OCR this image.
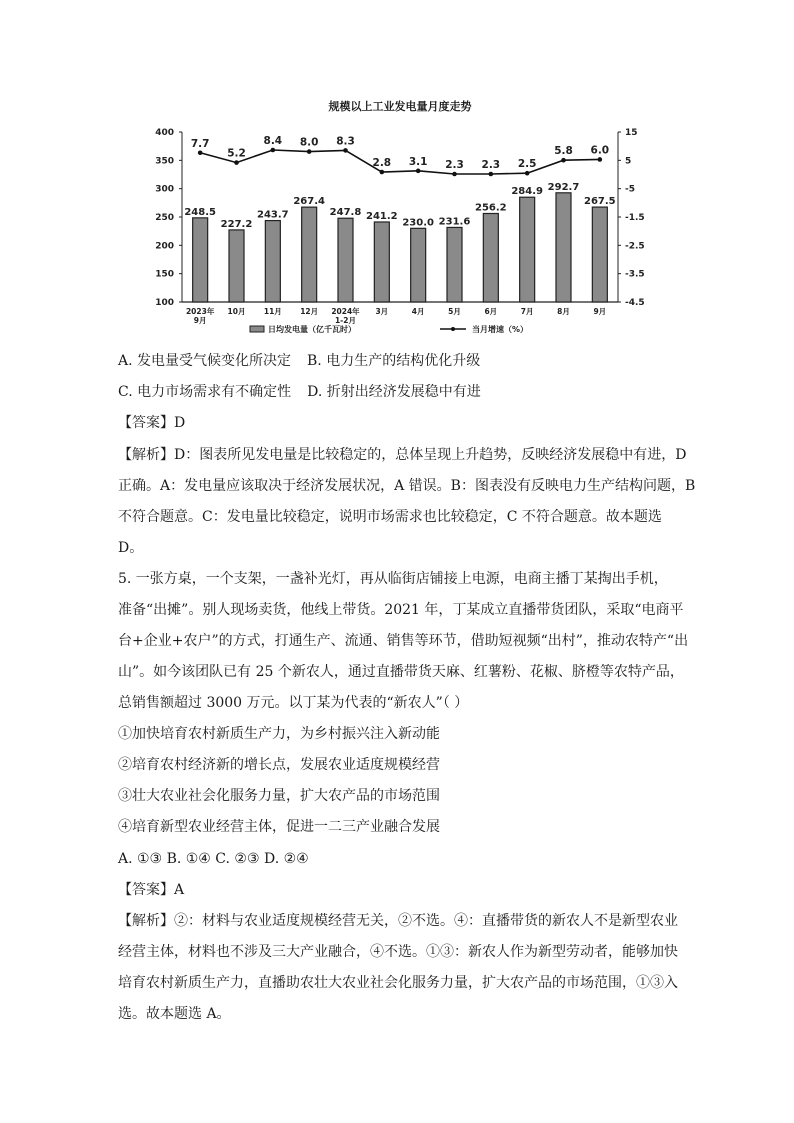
规模以上工业发电量月度走势
400
350
300
250
200
150
100
15
5
-5
-1.5
-2.5
-3.5
-4.5
248.5
227.2
243.7
267.4
247.8 241.2
230.0 231.6
256.2
284.9 292.7
267.5
7.7
5.2
8.4 8.0 8.3
2.8 3.1 2.3 2.3 2.5
5.8 6.0
2023年
9月
10月 11月 12月 2024年
1-2月
3月	4月	5月	6月	7月	8月	9月
日均发电量（亿千瓦时）	当月增速（%）
A. 发电量受气候变化所决定 B. 电力生产的结构优化升级
C. 电力市场需求有不确定性 D. 折射出经济发展稳中有进
【答案】D
【解析】D：图表所见发电量是比较稳定的，总体呈现上升趋势，反映经济发展稳中有进，D
正确。A：发电量应该取决于经济发展状况，A 错误。B：图表没有反映电力生产结构问题，B
不符合题意。C：发电量比较稳定，说明市场需求也比较稳定，C 不符合题意。故本题选
D。
5. 一张方桌，一个支架，一盏补光灯，再从临街店铺接上电源，电商主播丁某掏出手机，
准备“出摊”。别人现场卖货，他线上带货。2021 年，丁某成立直播带货团队，采取“电商平
台+企业+农户”的方式，打通生产、流通、销售等环节，借助短视频“出村”，推动农特产“出
山”。如今该团队已有 25 个新农人，通过直播带货天麻、红薯粉、花椒、脐橙等农特产品，
总销售额超过 3000 万元。以丁某为代表的“新农人”（ ）
①加快培育农村新质生产力，为乡村振兴注入新动能
②培育农村经济新的增长点，发展农业适度规模经营
③壮大农业社会化服务力量，扩大农产品的市场范围
④培育新型农业经营主体，促进一二三产业融合发展
A. ①③ B. ①④ C. ②③ D. ②④
【答案】A
【解析】②：材料与农业适度规模经营无关，②不选。④：直播带货的新农人不是新型农业
经营主体，材料也不涉及三大产业融合，④不选。①③：新农人作为新型劳动者，能够加快
培育农村新质生产力，直播助农壮大农业社会化服务力量，扩大农产品的市场范围，①③入
选。故本题选 A。
